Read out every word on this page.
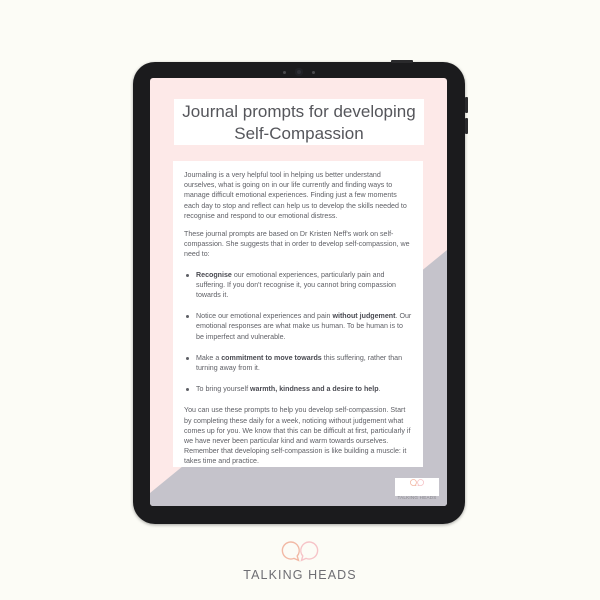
Journal prompts for developing
Self-Compassion

Journaling is a very helpful tool in helping us better understand ourselves, what is going on in our life currently and finding ways to manage difficult emotional experiences. Finding just a few moments each day to stop and reflect can help us to develop the skills needed to recognise and respond to our emotional distress.

These journal prompts are based on Dr Kristen Neff's work on self-compassion. She suggests that in order to develop self-compassion, we need to:

Recognise our emotional experiences, particularly pain and suffering. If you don't recognise it, you cannot bring compassion towards it.
Notice our emotional experiences and pain without judgement. Our emotional responses are what make us human. To be human is to be imperfect and vulnerable.
Make a commitment to move towards this suffering, rather than turning away from it.
To bring yourself warmth, kindness and a desire to help.

You can use these prompts to help you develop self-compassion. Start by completing these daily for a week, noticing without judgement what comes up for you. We know that this can be difficult at first, particularly if we have never been particular kind and warm towards ourselves. Remember that developing self-compassion is like building a muscle: it takes time and practice.

TALKING HEADS
TALKING HEADS
